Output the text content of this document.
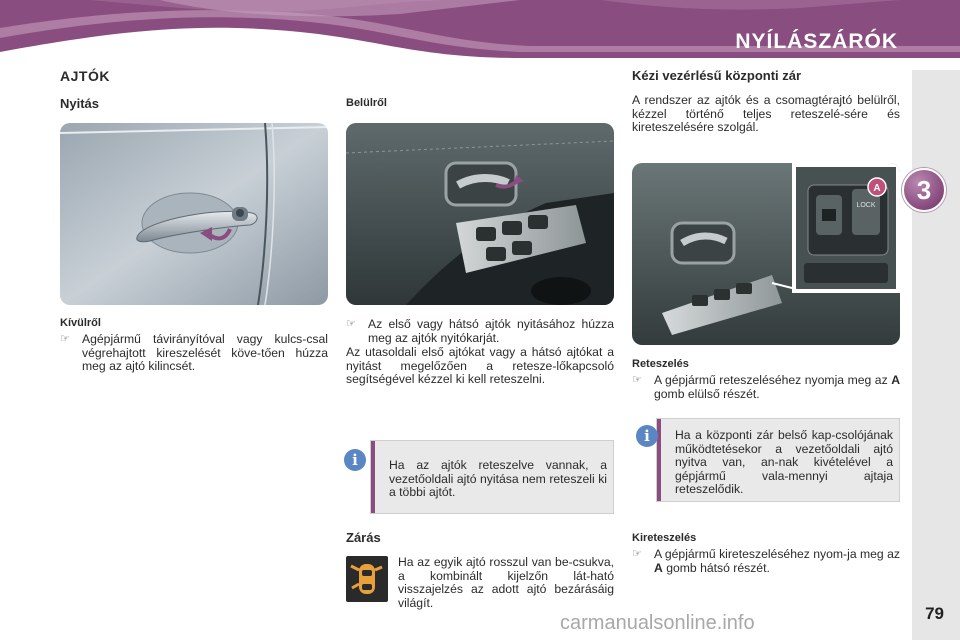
NYÍLÁSZÁRÓK
3
79
AJTÓK
Nyitás
Kívülről
☞ Agépjármű távirányítóval vagy kulcs-csal végrehajtott kireszelését köve-tően húzza meg az ajtó kilincsét.
Belülről
☞ Az első vagy hátsó ajtók nyitásához húzza meg az ajtók nyitókarját.
Az utasoldali első ajtókat vagy a hátsó ajtókat a nyitást megelőzően a retesze-lőkapcsoló segítségével kézzel ki kell reteszelni.
Ha az ajtók reteszelve vannak, a vezetőoldali ajtó nyitása nem reteszeli ki a többi ajtót.
i
Zárás
Ha az egyik ajtó rosszul van be-csukva, a kombinált kijelzőn lát-ható visszajelzés az adott ajtó bezárásáig világít.
Kézi vezérlésű központi zár
A rendszer az ajtók és a csomagtérajtó belülről, kézzel történő teljes reteszelé-sére és kireteszelésére szolgál.
A
LOCK
Reteszelés
☞ A gépjármű reteszeléséhez nyomja meg az A gomb elülső részét.
Ha a központi zár belső kap-csolójának működtetésekor a vezetőoldali ajtó nyitva van, an-nak kivételével a gépjármű vala-mennyi ajtaja reteszelődik.
i
Kireteszelés
☞ A gépjármű kireteszeléséhez nyom-ja meg az A gomb hátsó részét.
carmanualsonline.info
